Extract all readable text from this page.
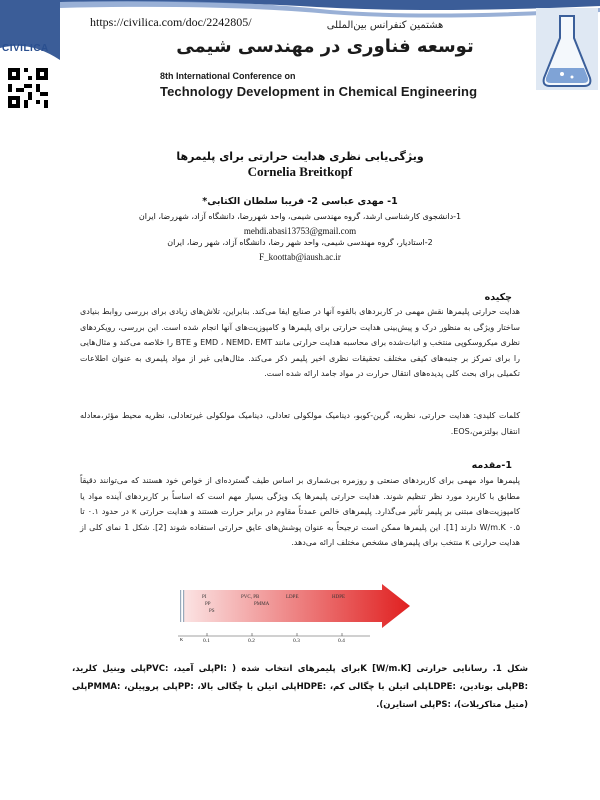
https://civilica.com/doc/2242805/
CIVILICA
هشتمین کنفرانس بین‌المللی
توسعه فناوری در مهندسی شیمی
8th International Conference on
Technology Development in Chemical Engineering
ویژگی‌یابی نظری هدایت حرارتی برای پلیمرها
Cornelia Breitkopf
1- مهدی عباسی 2- فریبا سلطان الکتابی*
1-دانشجوی کارشناسی ارشد، گروه مهندسی شیمی، واحد شهررضا، دانشگاه آزاد، شهررضا، ایران
mehdi.abasi13753@gmail.com
2-استادیار، گروه مهندسی شیمی، واحد شهر رضا، دانشگاه آزاد، شهر رضا، ایران
F_koottab@iaush.ac.ir
چکیده
هدایت حرارتی پلیمرها نقش مهمی در کاربردهای بالقوه آنها در صنایع ایفا می‌کند. بنابراین، تلاش‌های زیادی برای بررسی روابط بنیادی ساختار ویژگی به منظور درک و پیش‌بینی هدایت حرارتی برای پلیمرها و کامپوزیت‌های آنها انجام شده است. این بررسی، رویکردهای نظری میکروسکوپی منتخب و اثبات‌شده برای محاسبه هدایت حرارتی مانند EMD ، NEMD، EMT و BTE را خلاصه می‌کند و مثال‌هایی را برای تمرکز بر جنبه‌های کیفی مختلف تحقیقات نظری اخیر پلیمر ذکر می‌کند. مثال‌هایی غیر از مواد پلیمری به عنوان اطلاعات تکمیلی برای بحث کلی پدیده‌های انتقال حرارت در مواد جامد ارائه شده است.
کلمات کلیدی: هدایت حرارتی، نظریه، گرین-کوبو، دینامیک مولکولی تعادلی، دینامیک مولکولی غیرتعادلی، نظریه محیط مؤثر،معادله انتقال بولتزمن،EOS.
1-مقدمه
پلیمرها مواد مهمی برای کاربردهای صنعتی و روزمره بی‌شماری بر اساس طیف گسترده‌ای از خواص خود هستند که می‌توانند دقیقاً مطابق با کاربرد مورد نظر تنظیم شوند. هدایت حرارتی پلیمرها یک ویژگی بسیار مهم است که اساساً بر کاربردهای آینده مواد یا کامپوزیت‌های مبتنی بر پلیمر تأثیر می‌گذارد. پلیمرهای خالص عمدتاً مقاوم در برابر حرارت هستند و هدایت حرارتی κ در حدود ۰.۱ تا ۰.۵ W/m.K دارند [1]. این پلیمرها ممکن است ترجیحاً به عنوان پوشش‌های عایق حرارتی استفاده شوند [2]. شکل 1 نمای کلی از هدایت حرارتی κ منتخب برای پلیمرهای مشخص مختلف ارائه می‌دهد.
PI
PP
PS
PVC, PB
PMMA
LDPE	HDPE
κ	0.1	0.2	0.3	0.4
شکل 1. رسانایی حرارتی K [W/m.K]برای پلیمرهای انتخاب شده ( :PIپلی آمید، :PVCپلی وینیل کلرید، :PBپلی بوتادین، :LDPEپلی اتیلن با چگالی کم، :HDPEپلی اتیلن با چگالی بالا، :PPپلی پروپیلن، :PMMAپلی (متیل متاکریلات)، :PSپلی استایرن).
